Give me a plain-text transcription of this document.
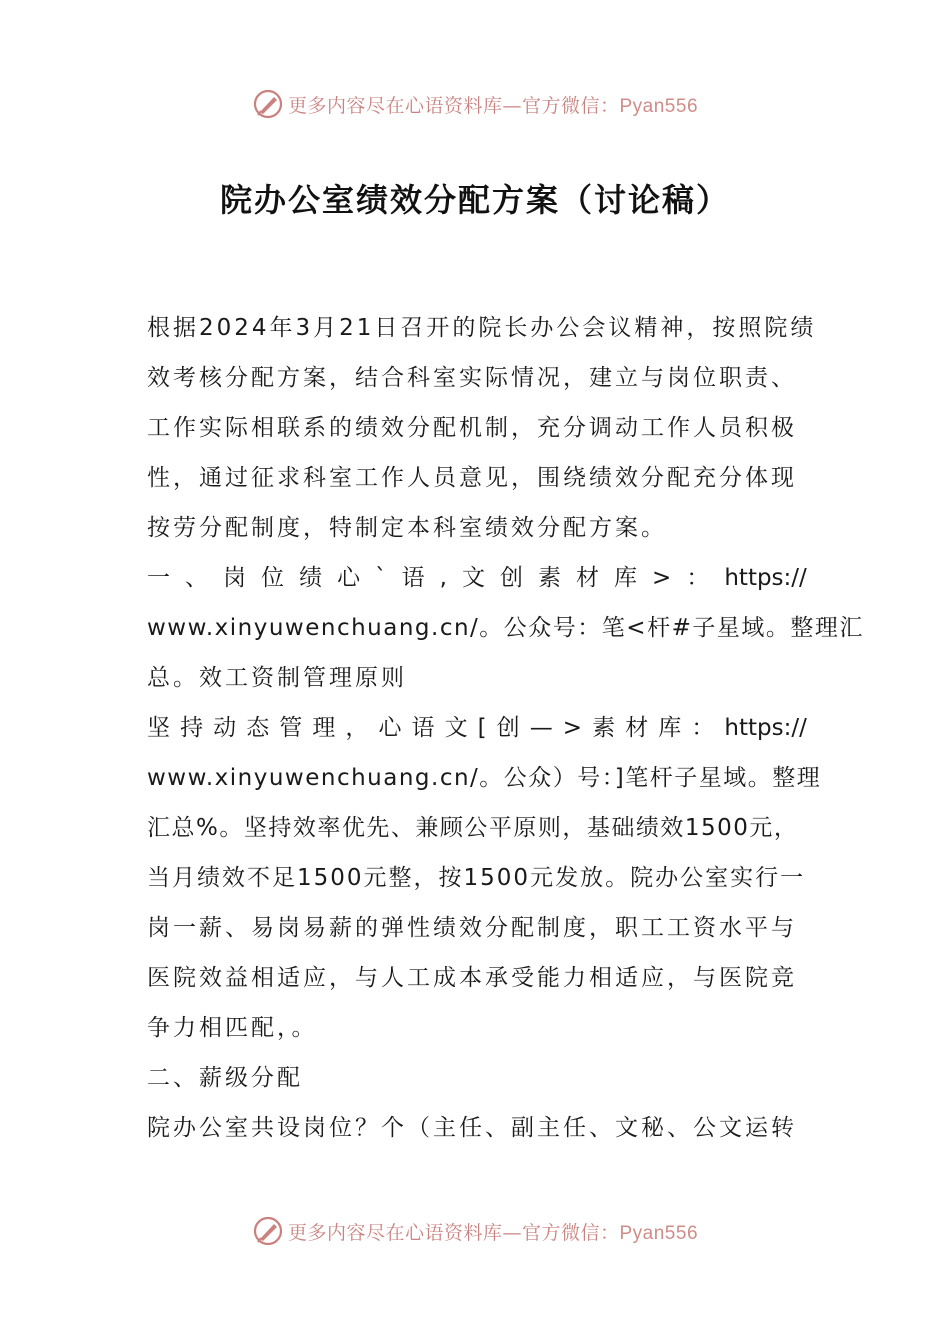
更多内容尽在心语资料库—官方微信：Pyan556
院办公室绩效分配方案（讨论稿）
根据2024年3月21日召开的院长办公会议精神，按照院绩
效考核分配方案，结合科室实际情况，建立与岗位职责、
工作实际相联系的绩效分配机制，充分调动工作人员积极
性，通过征求科室工作人员意见，围绕绩效分配充分体现
按劳分配制度，特制定本科室绩效分配方案。
一 、 岗 位 绩 心 ` 语 , 文 创 素 材 库 > ： https://
www.xinyuwenchuang.cn/。公众号：笔<杆#子星域。整理汇
总。效工资制管理原则
坚 持 动 态 管 理 ， 心 语 文 [ 创 — > 素 材 库 ： https://
www.xinyuwenchuang.cn/。公众）号：]笔杆子星域。整理
汇总%。坚持效率优先、兼顾公平原则，基础绩效1500元，
当月绩效不足1500元整，按1500元发放。院办公室实行一
岗一薪、易岗易薪的弹性绩效分配制度，职工工资水平与
医院效益相适应，与人工成本承受能力相适应，与医院竞
争力相匹配，。
二、薪级分配
院办公室共设岗位？个（主任、副主任、文秘、公文运转
更多内容尽在心语资料库—官方微信：Pyan556
